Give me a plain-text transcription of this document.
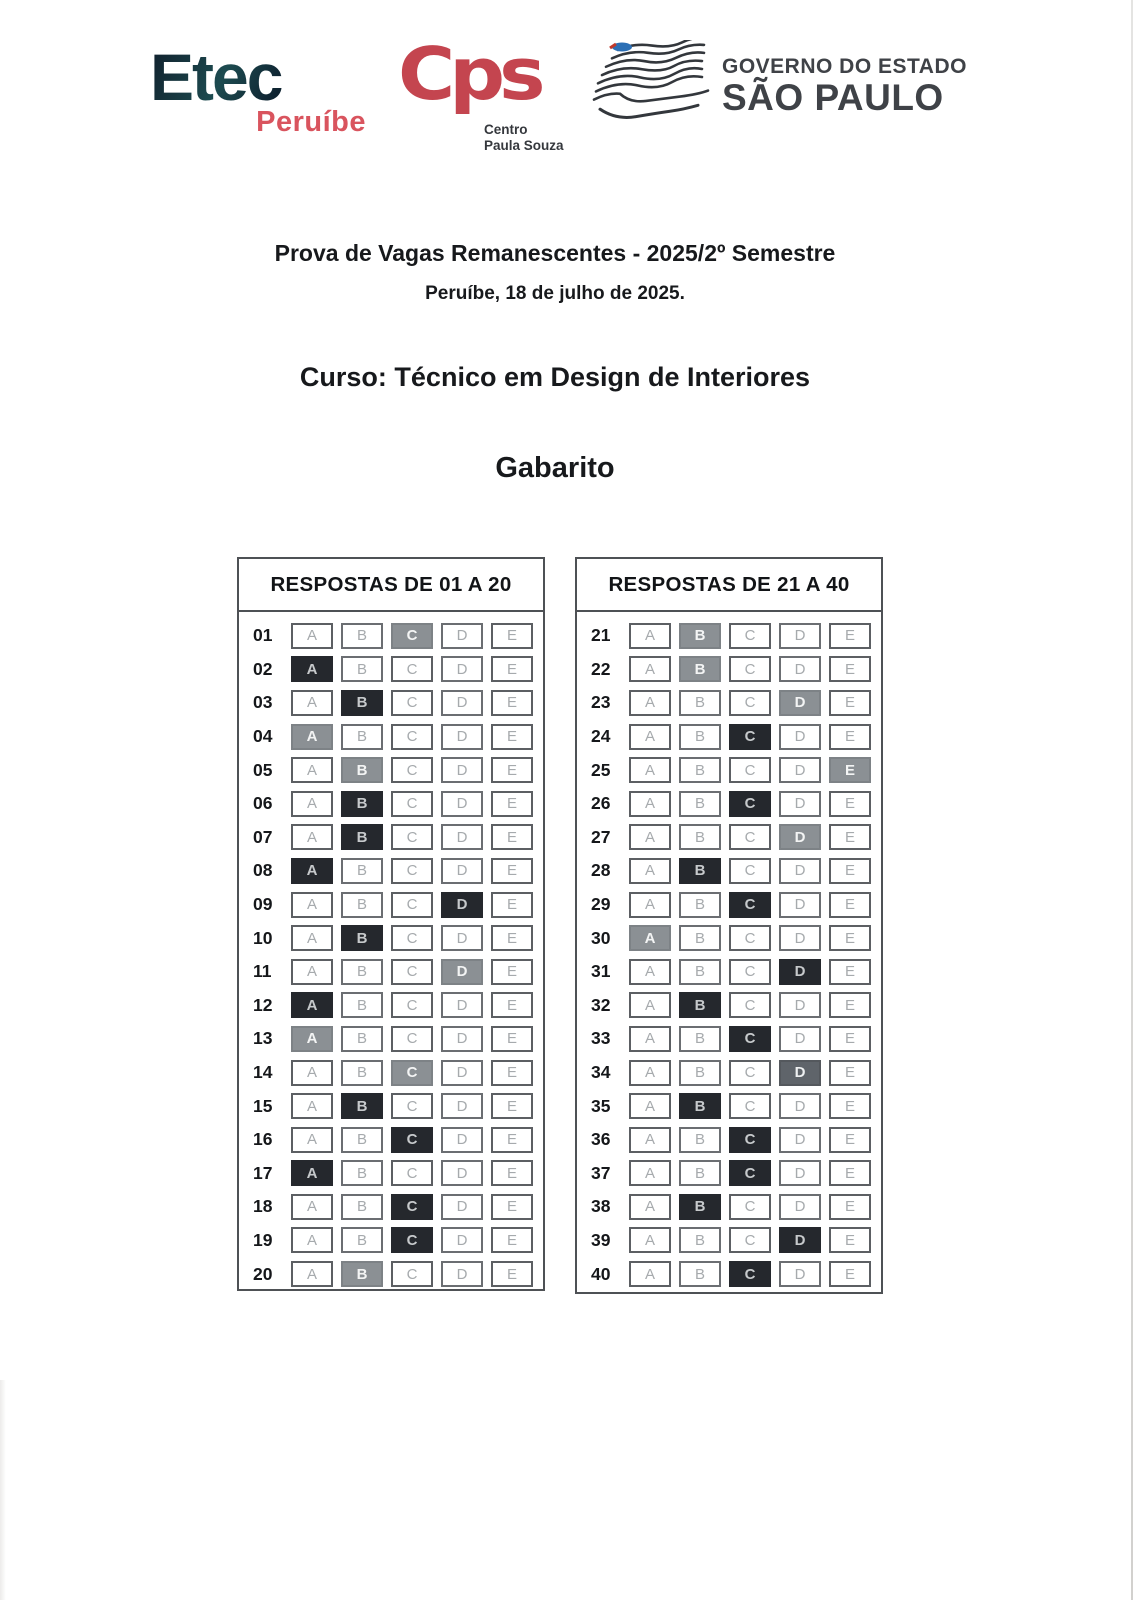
Etec
Peruíbe
Cps
Centro
Paula Souza
GOVERNO DO ESTADO
SÃO PAULO
Prova de Vagas Remanescentes - 2025/2º Semestre
Peruíbe, 18 de julho de 2025.
Curso: Técnico em Design de Interiores
Gabarito
RESPOSTAS DE 01 A 20
01	A	B	C	D	E
02	A	B	C	D	E
03	A	B	C	D	E
04	A	B	C	D	E
05	A	B	C	D	E
06	A	B	C	D	E
07	A	B	C	D	E
08	A	B	C	D	E
09	A	B	C	D	E
10	A	B	C	D	E
11	A	B	C	D	E
12	A	B	C	D	E
13	A	B	C	D	E
14	A	B	C	D	E
15	A	B	C	D	E
16	A	B	C	D	E
17	A	B	C	D	E
18	A	B	C	D	E
19	A	B	C	D	E
20	A	B	C	D	E
RESPOSTAS DE 21 A 40
21	A	B	C	D	E
22	A	B	C	D	E
23	A	B	C	D	E
24	A	B	C	D	E
25	A	B	C	D	E
26	A	B	C	D	E
27	A	B	C	D	E
28	A	B	C	D	E
29	A	B	C	D	E
30	A	B	C	D	E
31	A	B	C	D	E
32	A	B	C	D	E
33	A	B	C	D	E
34	A	B	C	D	E
35	A	B	C	D	E
36	A	B	C	D	E
37	A	B	C	D	E
38	A	B	C	D	E
39	A	B	C	D	E
40	A	B	C	D	E
